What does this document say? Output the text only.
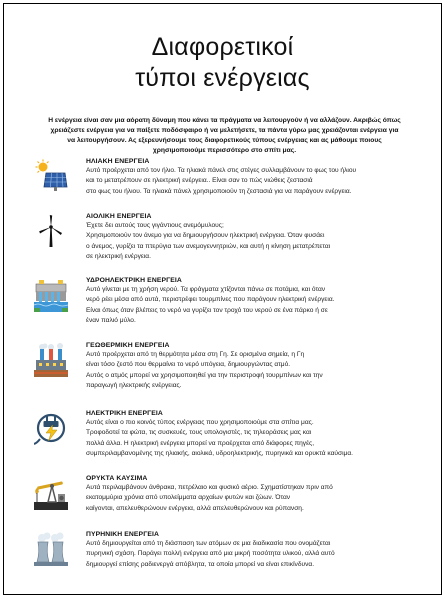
Διαφορετικοί
τύποι ενέργειας
Η ενέργεια είναι σαν μια αόρατη δύναμη που κάνει τα πράγματα να λειτουργούν ή να αλλάζουν. Ακριβώς όπως χρειάζεστε ενέργεια για να παίξετε ποδόσφαιρο ή να μελετήσετε, τα πάντα γύρω μας χρειάζονται ενέργεια για να λειτουργήσουν. Ας εξερευνήσουμε τους διαφορετικούς τύπους ενέργειας και ας μάθουμε ποιους χρησιμοποιούμε περισσότερο στο σπίτι μας.
ΗΛΙΑΚΗ ΕΝΕΡΓΕΙΑ
Αυτό προέρχεται από τον ήλιο. Τα ηλιακά πάνελ στις στέγες συλλαμβάνουν το φως του ήλιου
και το μετατρέπουν σε ηλεκτρική ενέργεια.. Είναι σαν το πώς νιώθεις ζεστασιά
στο φως του ήλιου. Τα ηλιακά πάνελ χρησιμοποιούν τη ζεστασιά για να παράγουν ενέργεια.
ΑΙΟΛΙΚΗ ΕΝΕΡΓΕΙΑ
Έχετε δει αυτούς τους γιγάντιους ανεμόμυλους;
Χρησιμοποιούν τον άνεμο για να δημιουργήσουν ηλεκτρική ενέργεια. Όταν φυσάει
ο άνεμος, γυρίζει τα πτερύγια των ανεμογεννητριών, και αυτή η κίνηση μετατρέπεται
σε ηλεκτρική ενέργεια.
ΥΔΡΟΗΛΕΚΤΡΙΚΗ ΕΝΕΡΓΕΙΑ
Αυτό γίνεται με τη χρήση νερού. Τα φράγματα χτίζονται πάνω σε ποτάμια, και όταν
νερό ρέει μέσα από αυτά, περιστρέφει τουρμπίνες που παράγουν ηλεκτρική ενέργεια.
Είναι όπως όταν βλέπεις το νερό να γυρίζει τον τροχό του νερού σε ένα πάρκο ή σε
έναν παλιό μύλο.
ΓΕΩΘΕΡΜΙΚΗ ΕΝΕΡΓΕΙΑ
Αυτό προέρχεται από τη θερμότητα μέσα στη Γη. Σε ορισμένα σημεία, η Γη
είναι τόσο ζεστό που θερμαίνει το νερό υπόγεια, δημιουργώντας ατμό.
Αυτός ο ατμός μπορεί να χρησιμοποιηθεί για την περιστροφή τουρμπίνων και την
παραγωγή ηλεκτρικής ενέργειας.
ΗΛΕΚΤΡΙΚΗ ΕΝΕΡΓΕΙΑ
Αυτός είναι ο πιο κοινός τύπος ενέργειας που χρησιμοποιούμε στα σπίτια μας.
Τροφοδοτεί τα φώτα, τις συσκευές, τους υπολογιστές, τις τηλεοράσεις μας και
πολλά άλλα. Η ηλεκτρική ενέργεια μπορεί να προέρχεται από διάφορες πηγές,
συμπεριλαμβανομένης της ηλιακής, αιολικά, υδροηλεκτρικής, πυρηνικά και ορυκτά καύσιμα.
ΟΡΥΚΤΑ ΚΑΥΣΙΜΑ
Αυτά περιλαμβάνουν άνθρακα, πετρέλαιο και φυσικό αέριο. Σχηματίστηκαν πριν από
εκατομμύρια χρόνια από υπολείμματα αρχαίων φυτών και ζώων. Όταν
καίγονται, απελευθερώνουν ενέργεια, αλλά απελευθερώνουν και ρύπανση.
ΠΥΡΗΝΙΚΗ ΕΝΕΡΓΕΙΑ
Αυτό δημιουργείται από τη διάσπαση των ατόμων σε μια διαδικασία που ονομάζεται
πυρηνική σχάση. Παράγει πολλή ενέργεια από μια μικρή ποσότητα υλικού, αλλά αυτό
δημιουργεί επίσης ραδιενεργά απόβλητα, τα οποία μπορεί να είναι επικίνδυνα.
